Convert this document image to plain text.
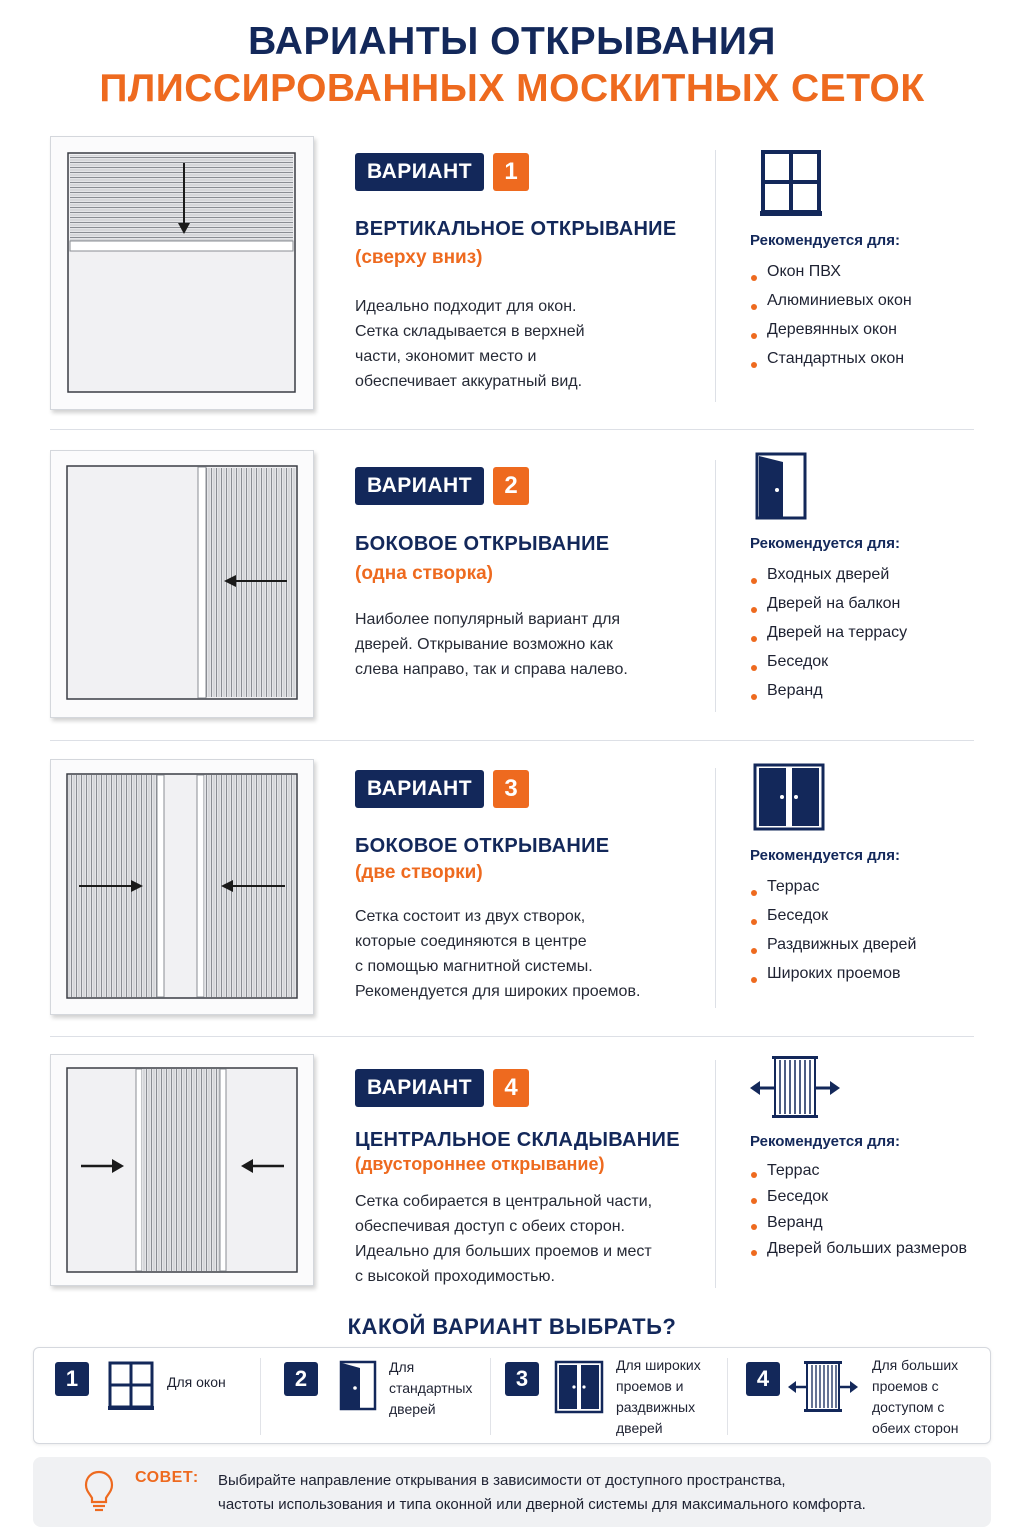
ВАРИАНТЫ ОТКРЫВАНИЯ
ПЛИССИРОВАННЫХ МОСКИТНЫХ СЕТОК
ВАРИАНТ	1
ВЕРТИКАЛЬНОЕ ОТКРЫВАНИЕ
(сверху вниз)
Идеально подходит для окон.
Сетка складывается в верхней
части, экономит место и
обеспечивает аккуратный вид.
Рекомендуется для:
Окон ПВХ
Алюминиевых окон
Деревянных окон
Стандартных окон
ВАРИАНТ	2
БОКОВОЕ ОТКРЫВАНИЕ
(одна створка)
Наиболее популярный вариант для
дверей. Открывание возможно как
слева направо, так и справа налево.
Рекомендуется для:
Входных дверей
Дверей на балкон
Дверей на террасу
Беседок
Веранд
ВАРИАНТ	3
БОКОВОЕ ОТКРЫВАНИЕ
(две створки)
Сетка состоит из двух створок,
которые соединяются в центре
с помощью магнитной системы.
Рекомендуется для широких проемов.
Рекомендуется для:
Террас
Беседок
Раздвижных дверей
Широких проемов
ВАРИАНТ	4
ЦЕНТРАЛЬНОЕ СКЛАДЫВАНИЕ
(двустороннее открывание)
Сетка собирается в центральной части,
обеспечивая доступ с обеих сторон.
Идеально для больших проемов и мест
с высокой проходимостью.
Рекомендуется для:
Террас
Беседок
Веранд
Дверей больших размеров
КАКОЙ ВАРИАНТ ВЫБРАТЬ?
1	Для окон	2	Для
стандартных
дверей
3
Для широких
проемов и
раздвижных
дверей
4
Для больших
проемов с
доступом с
обеих сторон
СОВЕТ: Выбирайте направление открывания в зависимости от доступного пространства,
частоты использования и типа оконной или дверной системы для максимального комфорта.
